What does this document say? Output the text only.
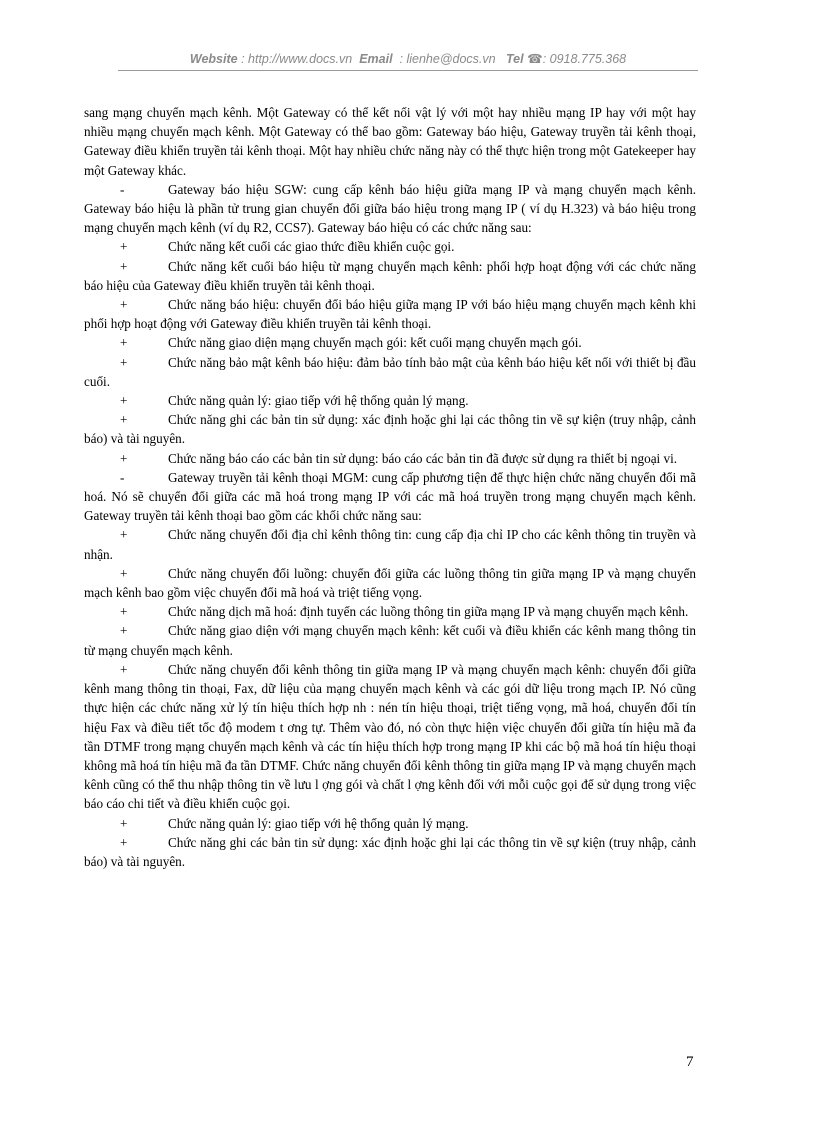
Website : http://www.docs.vn Email : lienhe@docs.vn Tel ☎: 0918.775.368

sang mạng chuyển mạch kênh. Một Gateway có thể kết nối vật lý với một hay nhiều mạng IP hay với một hay nhiều mạng chuyển mạch kênh. Một Gateway có thể bao gồm: Gateway báo hiệu, Gateway truyền tải kênh thoại, Gateway điều khiển truyền tải kênh thoại. Một hay nhiều chức năng này có thể thực hiện trong một Gatekeeper hay một Gateway khác.

-	Gateway báo hiệu SGW: cung cấp kênh báo hiệu giữa mạng IP và mạng chuyển mạch kênh. Gateway báo hiệu là phần tử trung gian chuyển đổi giữa báo hiệu trong mạng IP ( ví dụ H.323) và báo hiệu trong mạng chuyển mạch kênh (ví dụ R2, CCS7). Gateway báo hiệu có các chức năng sau:

+	Chức năng kết cuối các giao thức điều khiển cuộc gọi.

+	Chức năng kết cuối báo hiệu từ mạng chuyển mạch kênh: phối hợp hoạt động với các chức năng báo hiệu của Gateway điều khiển truyền tải kênh thoại.

+	Chức năng báo hiệu: chuyển đổi báo hiệu giữa mạng IP với báo hiệu mạng chuyển mạch kênh khi phối hợp hoạt động với Gateway điều khiển truyền tải kênh thoại.

+	Chức năng giao diện mạng chuyển mạch gói: kết cuối mạng chuyển mạch gói.

+	Chức năng bảo mật kênh báo hiệu: đảm bảo tính bảo mật của kênh báo hiệu kết nối với thiết bị đầu cuối.

+	Chức năng quản lý: giao tiếp với hệ thống quản lý mạng.

+	Chức năng ghi các bản tin sử dụng: xác định hoặc ghi lại các thông tin về sự kiện (truy nhập, cảnh báo) và tài nguyên.

+	Chức năng báo cáo các bản tin sử dụng: báo cáo các bản tin đã được sử dụng ra thiết bị ngoại vi.

-	Gateway truyền tải kênh thoại MGM: cung cấp phương tiện để thực hiện chức năng chuyển đổi mã hoá. Nó sẽ chuyển đổi giữa các mã hoá trong mạng IP với các mã hoá truyền trong mạng chuyển mạch kênh. Gateway truyền tải kênh thoại bao gồm các khối chức năng sau:

+	Chức năng chuyển đổi địa chỉ kênh thông tin: cung cấp địa chỉ IP cho các kênh thông tin truyền và nhận.

+	Chức năng chuyển đổi luồng: chuyển đổi giữa các luồng thông tin giữa mạng IP và mạng chuyển mạch kênh bao gồm việc chuyển đổi mã hoá và triệt tiếng vọng.

+	Chức năng dịch mã hoá: định tuyến các luồng thông tin giữa mạng IP và mạng chuyển mạch kênh.

+	Chức năng giao diện với mạng chuyển mạch kênh: kết cuối và điều khiển các kênh mang thông tin từ mạng chuyển mạch kênh.

+	Chức năng chuyển đổi kênh thông tin giữa mạng IP và mạng chuyển mạch kênh: chuyển đổi giữa kênh mang thông tin thoại, Fax, dữ liệu của mạng chuyển mạch kênh và các gói dữ liệu trong mạch IP. Nó cũng thực hiện các chức năng xử lý tín hiệu thích hợp nh : nén tín hiệu thoại, triệt tiếng vọng, mã hoá, chuyển đổi tín hiệu Fax và điều tiết tốc độ modem t ơng tự. Thêm vào đó, nó còn thực hiện việc chuyển đổi giữa tín hiệu mã đa tần DTMF trong mạng chuyển mạch kênh và các tín hiệu thích hợp trong mạng IP khi các bộ mã hoá tín hiệu thoại không mã hoá tín hiệu mã đa tần DTMF. Chức năng chuyển đổi kênh thông tin giữa mạng IP và mạng chuyển mạch kênh cũng có thể thu nhập thông tin về lưu l ợng gói và chất l ợng kênh đối với mỗi cuộc gọi để sử dụng trong việc báo cáo chi tiết và điều khiển cuộc gọi.

+	Chức năng quản lý: giao tiếp với hệ thống quản lý mạng.

+	Chức năng ghi các bản tin sử dụng: xác định hoặc ghi lại các thông tin về sự kiện (truy nhập, cảnh báo) và tài nguyên.

7
